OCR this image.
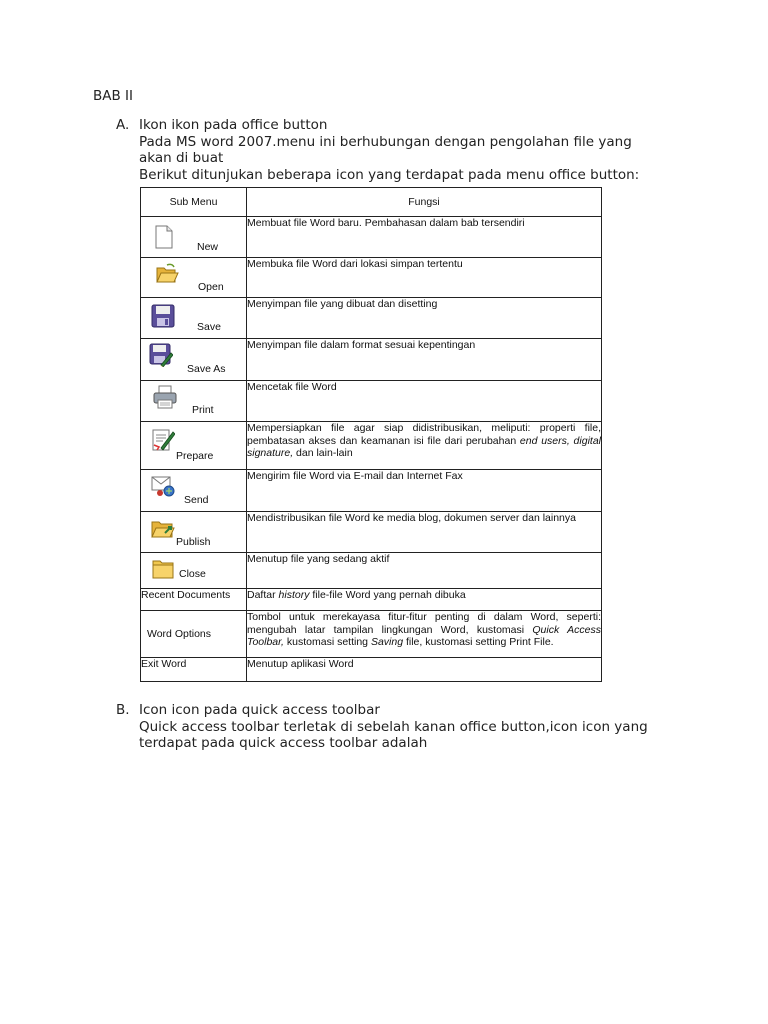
BAB II
A. Ikon ikon pada office button
Pada MS word 2007.menu ini berhubungan dengan pengolahan file yang
akan di buat
Berikut ditunjukan beberapa icon yang terdapat pada menu office button:
Sub Menu	Fungsi

New	Membuat file Word baru. Pembahasan dalam bab tersendiri

Open	Membuka file Word dari lokasi simpan tertentu

Save	Menyimpan file yang dibuat dan disetting

Save As	Menyimpan file dalam format sesuai kepentingan

Print	Mencetak file Word

Prepare	Mempersiapkan file agar siap didistribusikan, meliputi: properti file, pembatasan akses dan keamanan isi file dari perubahan end users, digital signature, dan lain-lain

Send	Mengirim file Word via E-mail dan Internet Fax

Publish	Mendistribusikan file Word ke media blog, dokumen server dan lainnya

Close	Menutup file yang sedang aktif
Recent Documents	Daftar history file-file Word yang pernah dibuka

Word Options	Tombol untuk merekayasa fitur-fitur penting di dalam Word, seperti: mengubah latar tampilan lingkungan Word, kustomasi Quick Access Toolbar, kustomasi setting Saving file, kustomasi setting Print File.
Exit Word	Menutup aplikasi Word
B. Icon icon pada quick access toolbar
Quick access toolbar terletak di sebelah kanan office button,icon icon yang
terdapat pada quick access toolbar adalah
